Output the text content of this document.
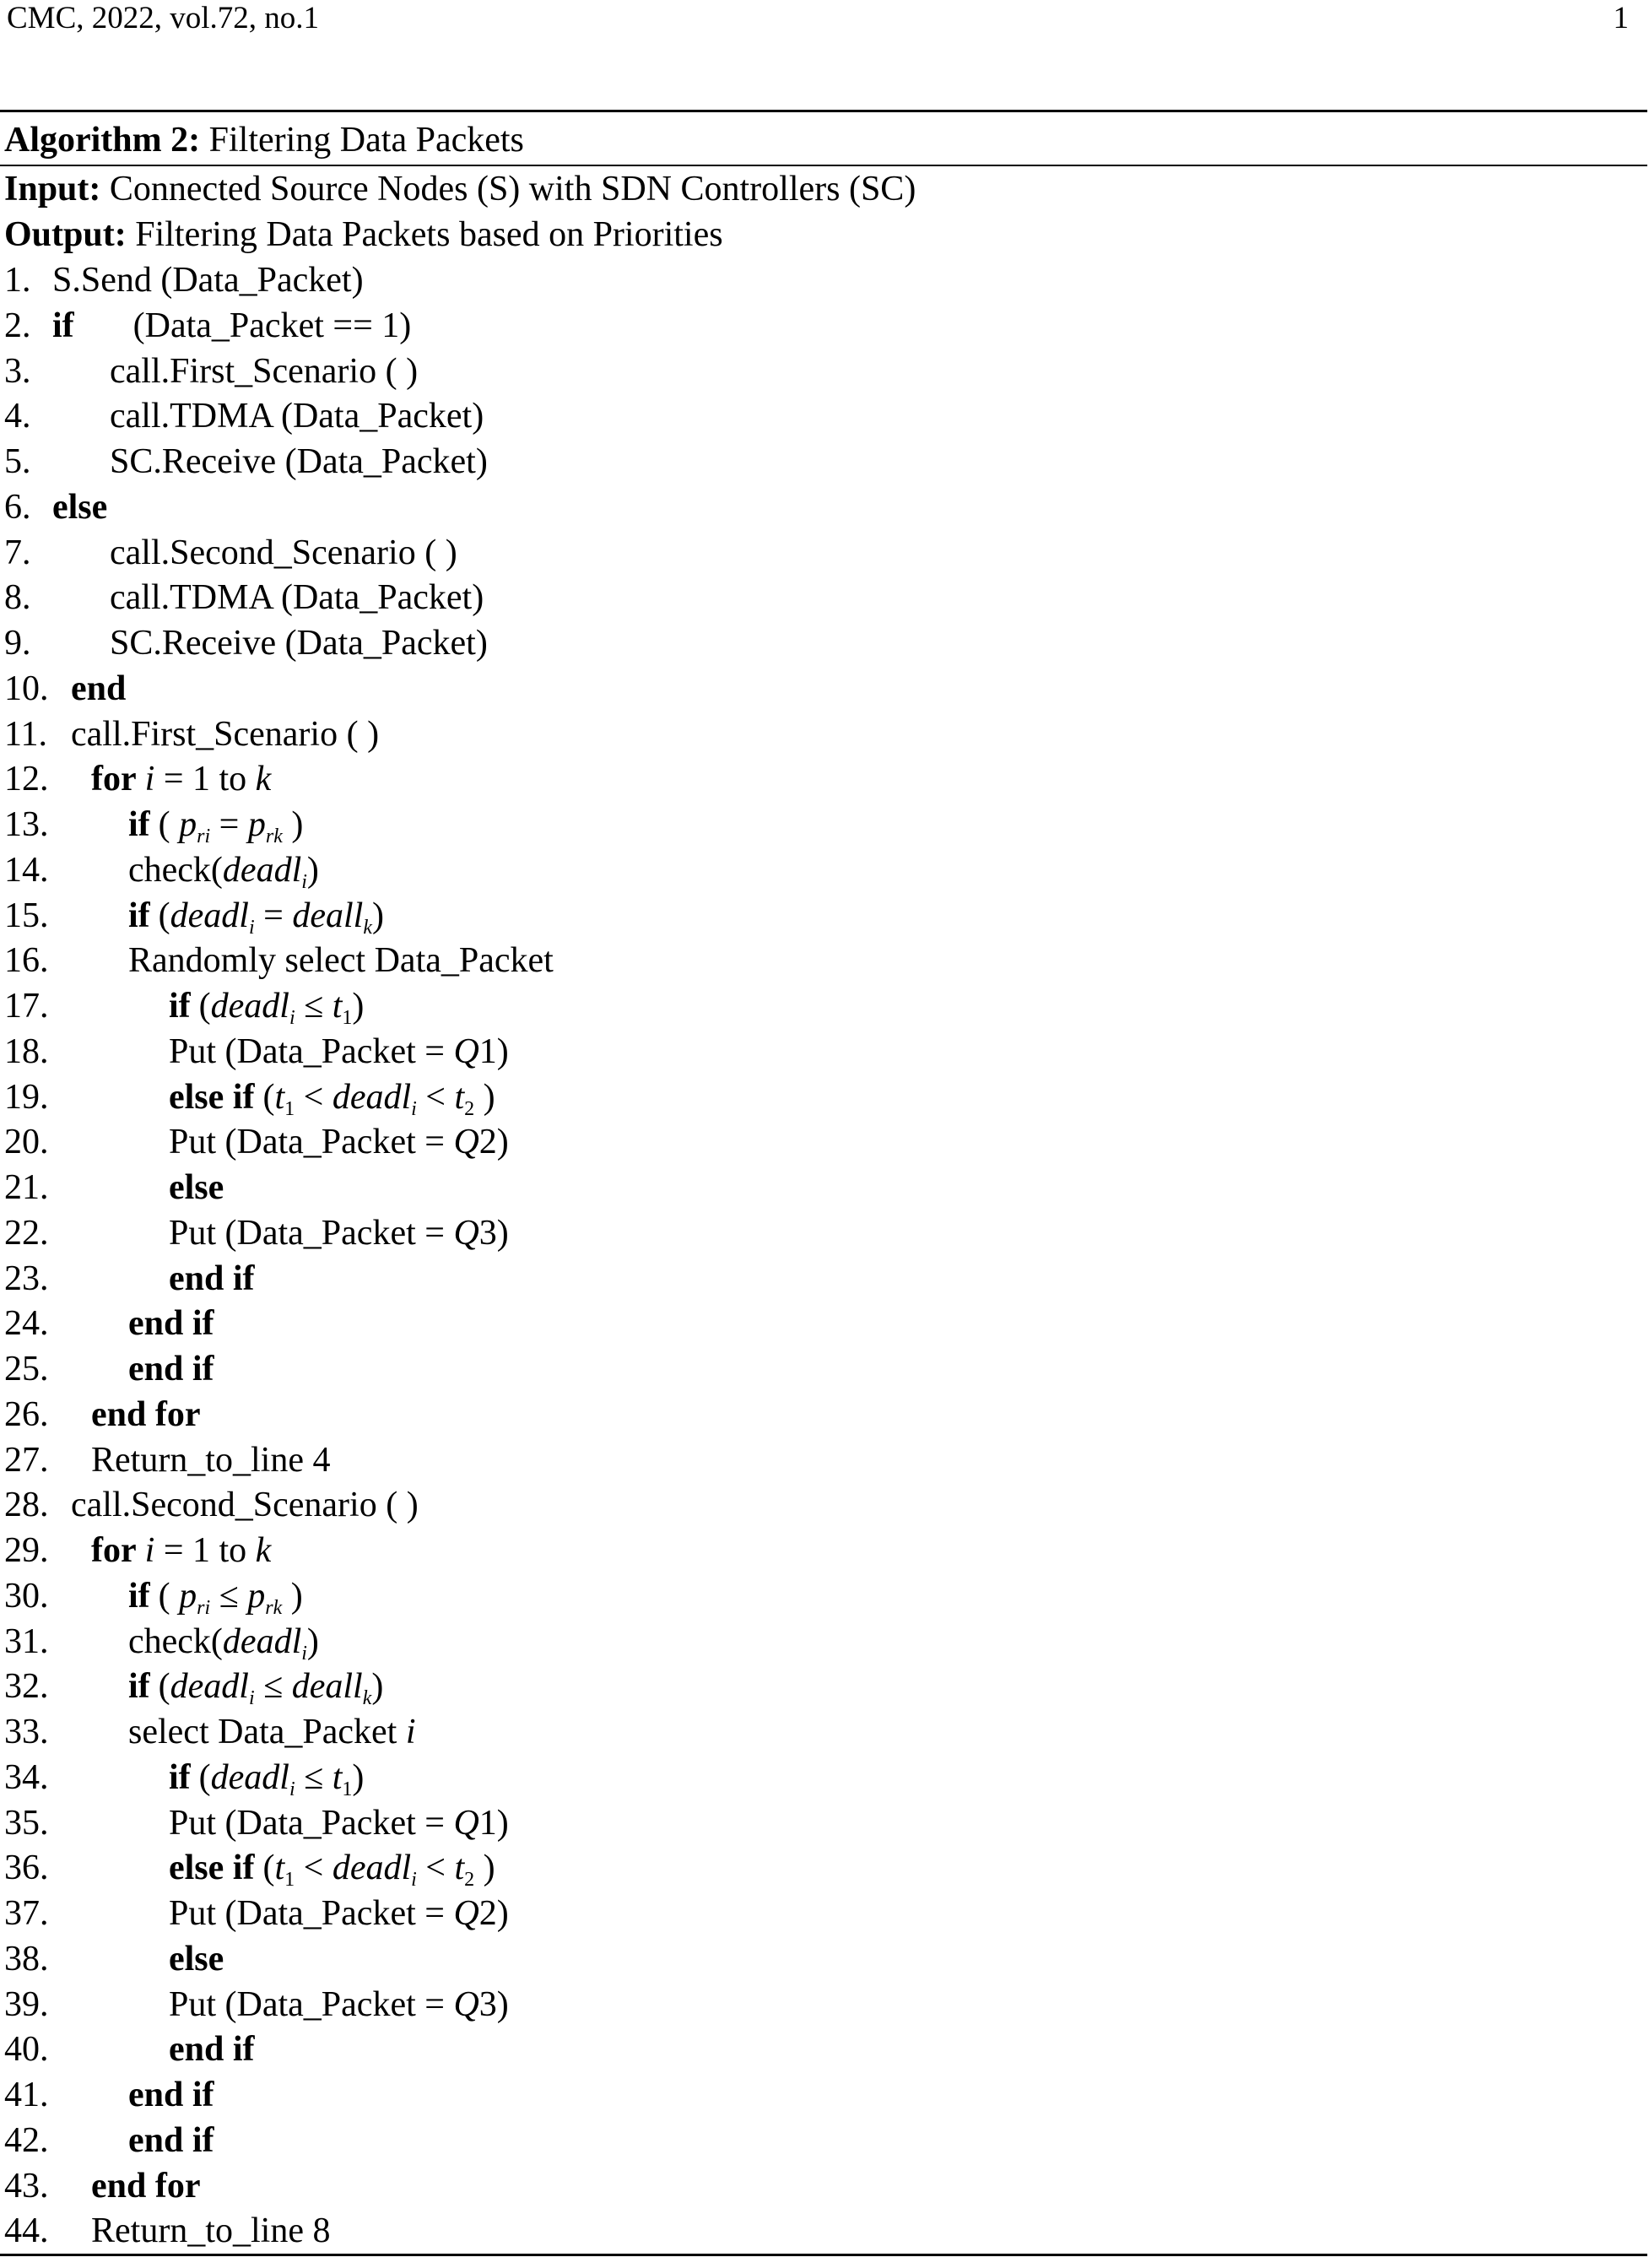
CMC, 2022, vol.72, no.1	1
Algorithm 2: Filtering Data Packets
Input: Connected Source Nodes (S) with SDN Controllers (SC)
Output: Filtering Data Packets based on Priorities
1. S.Send (Data_Packet)
2. if (Data_Packet == 1)
3. call.First_Scenario ( )
4. call.TDMA (Data_Packet)
5. SC.Receive (Data_Packet)
6. else
7. call.Second_Scenario ( )
8. call.TDMA (Data_Packet)
9. SC.Receive (Data_Packet)
10. end
11. call.First_Scenario ( )
12. for i = 1 to k
13. if ( $p_{ri} = p_{rk}$ )
14. check(deadl$_i$)
15. if (deadl$_i$ = deall$_k$)
16. Randomly select Data_Packet
17.	if (deadl$_i$ ≤ t1)
18.	Put (Data_Packet = Q1)
19.	else if (t1 < deadl$_i$ < t2 )
20.	Put (Data_Packet = Q2)
21.	else
22.	Put (Data_Packet = Q3)
23.	end if
24. end if
25. end if
26. end for
27. Return_to_line 4
28. call.Second_Scenario ( )
29. for i = 1 to k
30. if ( $p_{ri} \le p_{rk}$ )
31. check(deadl$_i$)
32. if (deadl$_i$ ≤ deall$_k$)
33. select Data_Packet i
34.	if (deadl$_i$ ≤ t1)
35.	Put (Data_Packet = Q1)
36.	else if (t1 < deadl$_i$ < t2 )
37.	Put (Data_Packet = Q2)
38.	else
39.	Put (Data_Packet = Q3)
40.	end if
41. end if
42. end if
43. end for
44. Return_to_line 8
